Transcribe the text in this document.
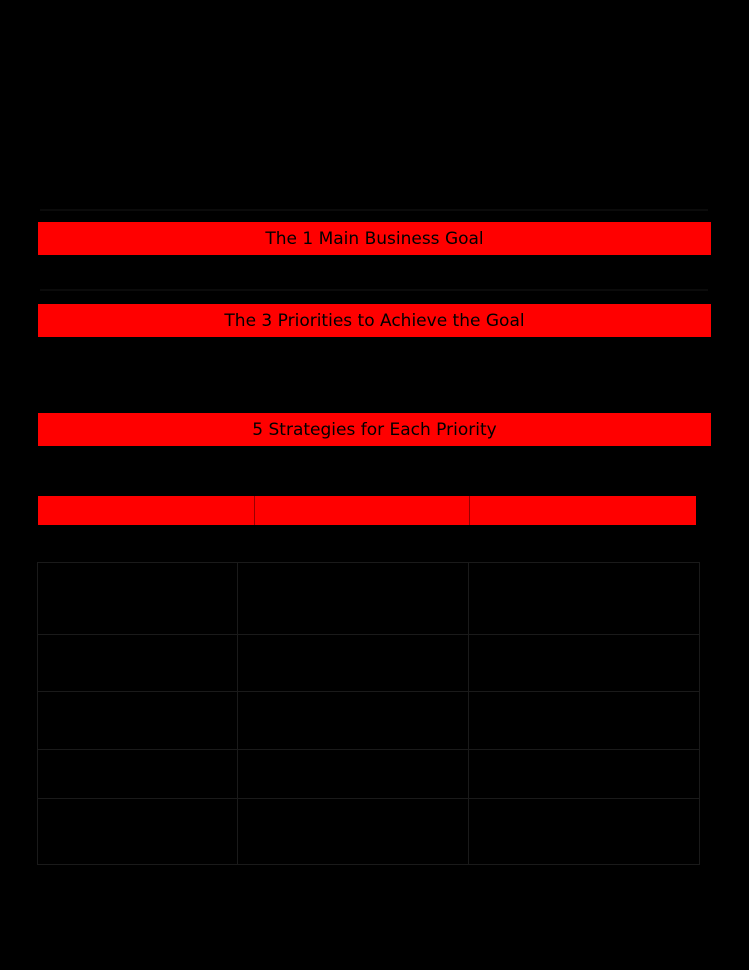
SOLO AGENT SAMPLE
1-3-5 for 2015
The 1 Main Business Goal
Close 45 Transactions
The 3 Priorities to Achieve the Goal
1. Establish Online Presence
2. Lead Generate for New Business Daily
3. Organize COI in CRM Database and systematically grow & contact it
5 Strategies for Each Priority
1. Online Presence	2. Lead Generate	3. COI Database
5 Strategies	5 Strategies	5 Strategies
1. Set up and/or update all social media accounts/profiles. Post daily personal and/or real estate focused content on each.	1. Lead Generate every Monday-Friday for 2 hours (9:00am to Noon) - Minimum goal of 15 CTS, 5 ATD, Request at least 1 appt/week.	1. Contact all my family, friends, past clients and send to get updated contact information.
2. Create personal blog page linking to social media accounts.	2. Enter all contacts into my preferred CRM database and set up follow-up plan to build my relationship with them.	2. Contact all people personally with every past and new contacts, and all updated info is received.
3. Complete a Agent Website for 3-5 zones, set up my Neighborhood Pages and IDX feed.	3. Be faithful to my consistent Lead-generating block on calendar twice a week and unavailable to others.	3. Enter all contacts into Database management system; add 10 new contacts per week to database.
4. Create a social media calendar of updated content.	4. Have plan for open house and advertising campaign regularly.	4. Attend CRM training to help me get everyone uploaded, in order to launch touch plan.
5. Develop blog topics. Create content and share blog posts.	5. Obtain 2 new listings, & buyer each week, and 5 closed transactions per month.	5. Systematize company process & schedule.
